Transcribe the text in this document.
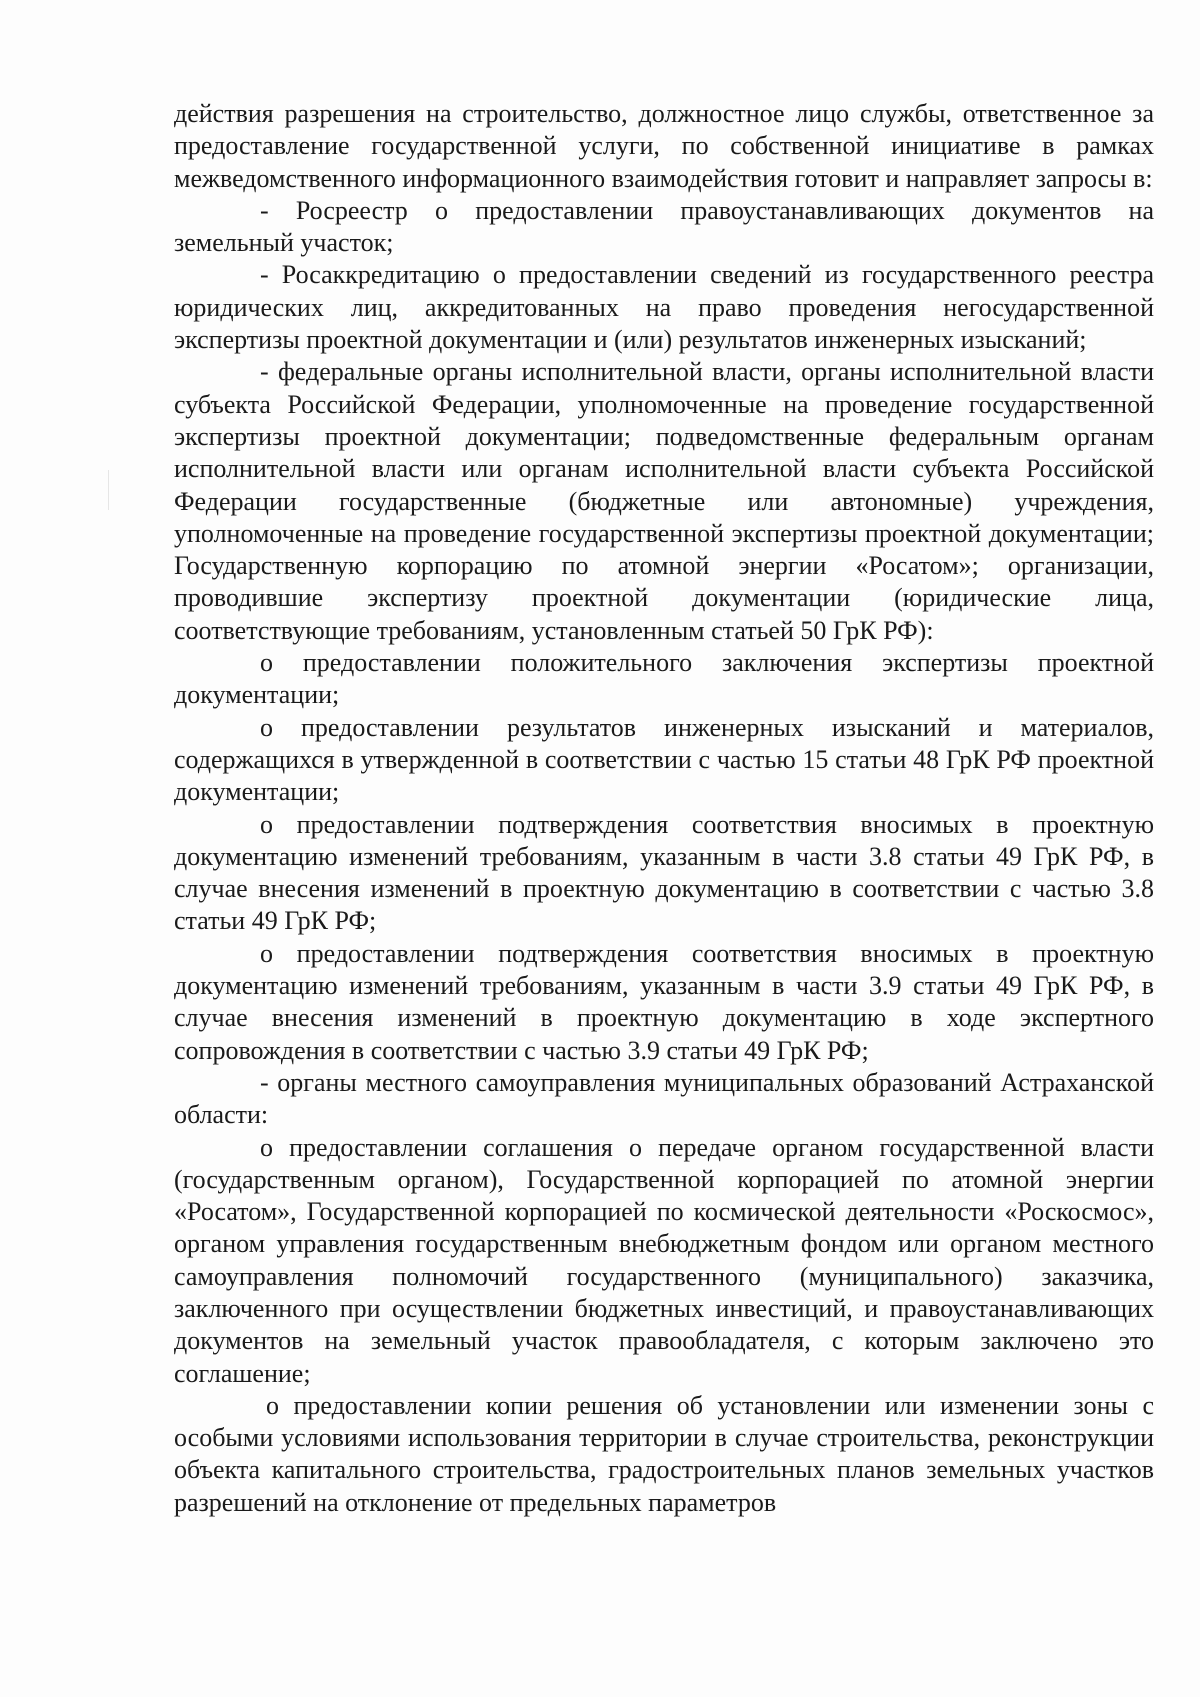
действия разрешения на строительство, должностное лицо службы, ответственное за предоставление государственной услуги, по собственной инициативе в рамках межведомственного информационного взаимодействия готовит и направляет запросы в:

- Росреестр о предоставлении правоустанавливающих документов на земельный участок;

- Росаккредитацию о предоставлении сведений из государственного реестра юридических лиц, аккредитованных на право проведения негосударственной экспертизы проектной документации и (или) результатов инженерных изысканий;

- федеральные органы исполнительной власти, органы исполнительной власти субъекта Российской Федерации, уполномоченные на проведение государственной экспертизы проектной документации; подведомственные федеральным органам исполнительной власти или органам исполнительной власти субъекта Российской Федерации государственные (бюджетные или автономные) учреждения, уполномоченные на проведение государственной экспертизы проектной документации; Государственную корпорацию по атомной энергии «Росатом»; организации, проводившие экспертизу проектной документации (юридические лица, соответствующие требованиям, установленным статьей 50 ГрК РФ):

о предоставлении положительного заключения экспертизы проектной документации;

о предоставлении результатов инженерных изысканий и материалов, содержащихся в утвержденной в соответствии с частью 15 статьи 48 ГрК РФ проектной документации;

о предоставлении подтверждения соответствия вносимых в проектную документацию изменений требованиям, указанным в части 3.8 статьи 49 ГрК РФ, в случае внесения изменений в проектную документацию в соответствии с частью 3.8 статьи 49 ГрК РФ;

о предоставлении подтверждения соответствия вносимых в проектную документацию изменений требованиям, указанным в части 3.9 статьи 49 ГрК РФ, в случае внесения изменений в проектную документацию в ходе экспертного сопровождения в соответствии с частью 3.9 статьи 49 ГрК РФ;

- органы местного самоуправления муниципальных образований Астраханской области:

о предоставлении соглашения о передаче органом государственной власти (государственным органом), Государственной корпорацией по атомной энергии «Росатом», Государственной корпорацией по космической деятельности «Роскосмос», органом управления государственным внебюджетным фондом или органом местного самоуправления полномочий государственного (муниципального) заказчика, заключенного при осуществлении бюджетных инвестиций, и правоустанавливающих документов на земельный участок правообладателя, с которым заключено это соглашение;

о предоставлении копии решения об установлении или изменении зоны с особыми условиями использования территории в случае строительства, реконструкции объекта капитального строительства, градостроительных планов земельных участков разрешений на отклонение от предельных параметров
